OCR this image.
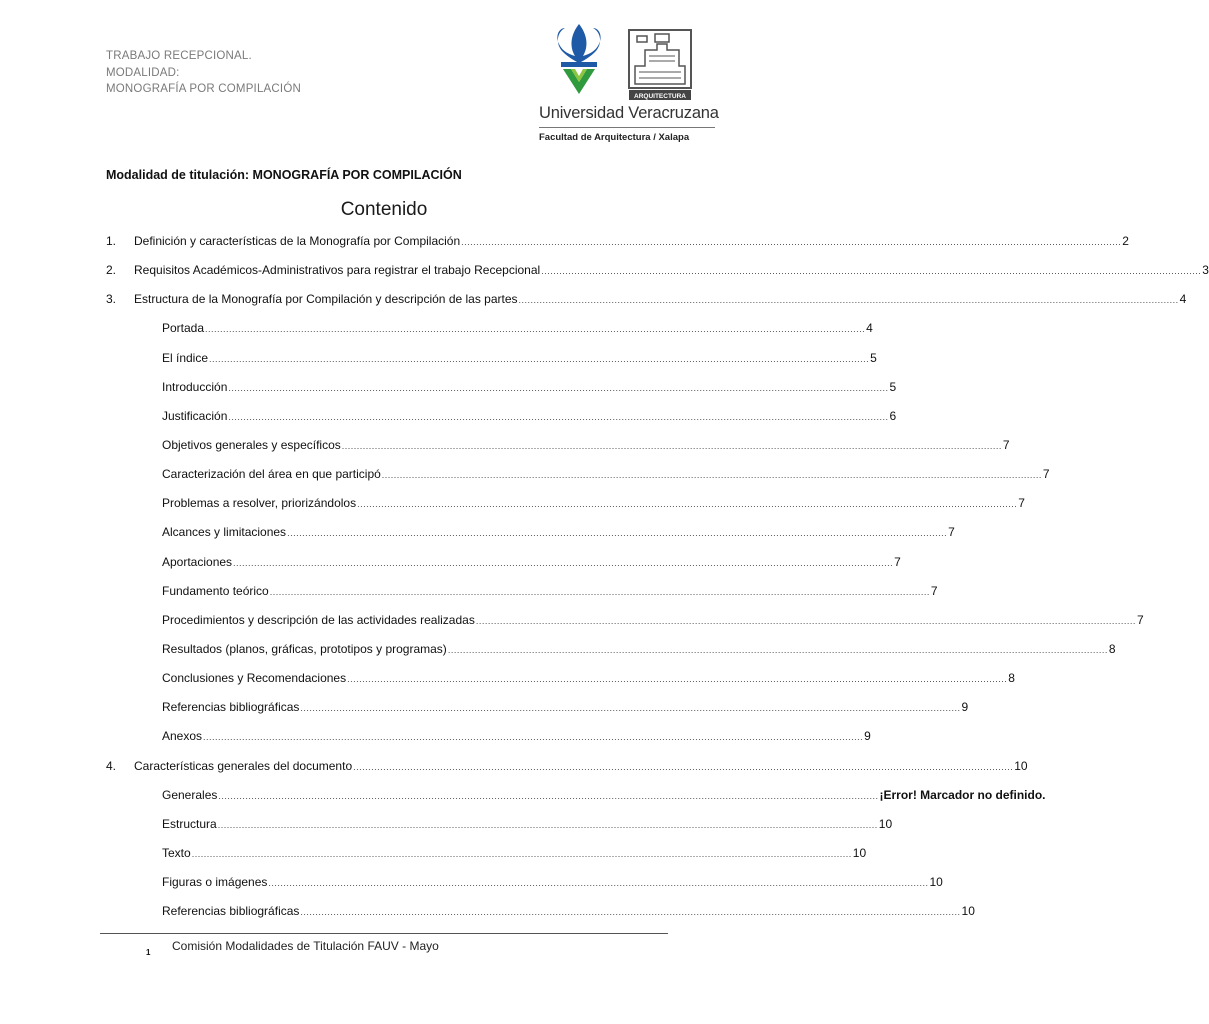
TRABAJO RECEPCIONAL.
MODALIDAD:
MONOGRAFÍA POR COMPILACIÓN
ARQUITECTURA
Universidad Veracruzana
Facultad de Arquitectura / Xalapa
Modalidad de titulación: MONOGRAFÍA POR COMPILACIÓN
Contenido
1.	Definición y características de la Monografía por Compilación ............................................................................................................................................................................................................................ 2
2.	Requisitos Académicos-Administrativos para registrar el trabajo Recepcional ............................................................................................................................................................................................................................ 3
3.	Estructura de la Monografía por Compilación y descripción de las partes ............................................................................................................................................................................................................................ 4
Portada ............................................................................................................................................................................................................................ 4
El índice ............................................................................................................................................................................................................................ 5
Introducción ............................................................................................................................................................................................................................ 5
Justificación ............................................................................................................................................................................................................................ 6
Objetivos generales y específicos ............................................................................................................................................................................................................................ 7
Caracterización del área en que participó ............................................................................................................................................................................................................................ 7
Problemas a resolver, priorizándolos ............................................................................................................................................................................................................................ 7
Alcances y limitaciones ............................................................................................................................................................................................................................ 7
Aportaciones ............................................................................................................................................................................................................................ 7
Fundamento teórico ............................................................................................................................................................................................................................ 7
Procedimientos y descripción de las actividades realizadas ............................................................................................................................................................................................................................ 7
Resultados (planos, gráficas, prototipos y programas) ............................................................................................................................................................................................................................ 8
Conclusiones y Recomendaciones ............................................................................................................................................................................................................................ 8
Referencias bibliográficas ............................................................................................................................................................................................................................ 9
Anexos ............................................................................................................................................................................................................................ 9
4.	Características generales del documento ............................................................................................................................................................................................................................ 10
Generales ............................................................................................................................................................................................................................ ¡Error! Marcador no definido.
Estructura ............................................................................................................................................................................................................................ 10
Texto ............................................................................................................................................................................................................................ 10
Figuras o imágenes ............................................................................................................................................................................................................................ 10
Referencias bibliográficas ............................................................................................................................................................................................................................ 10
1 Comisión Modalidades de Titulación FAUV - Mayo
